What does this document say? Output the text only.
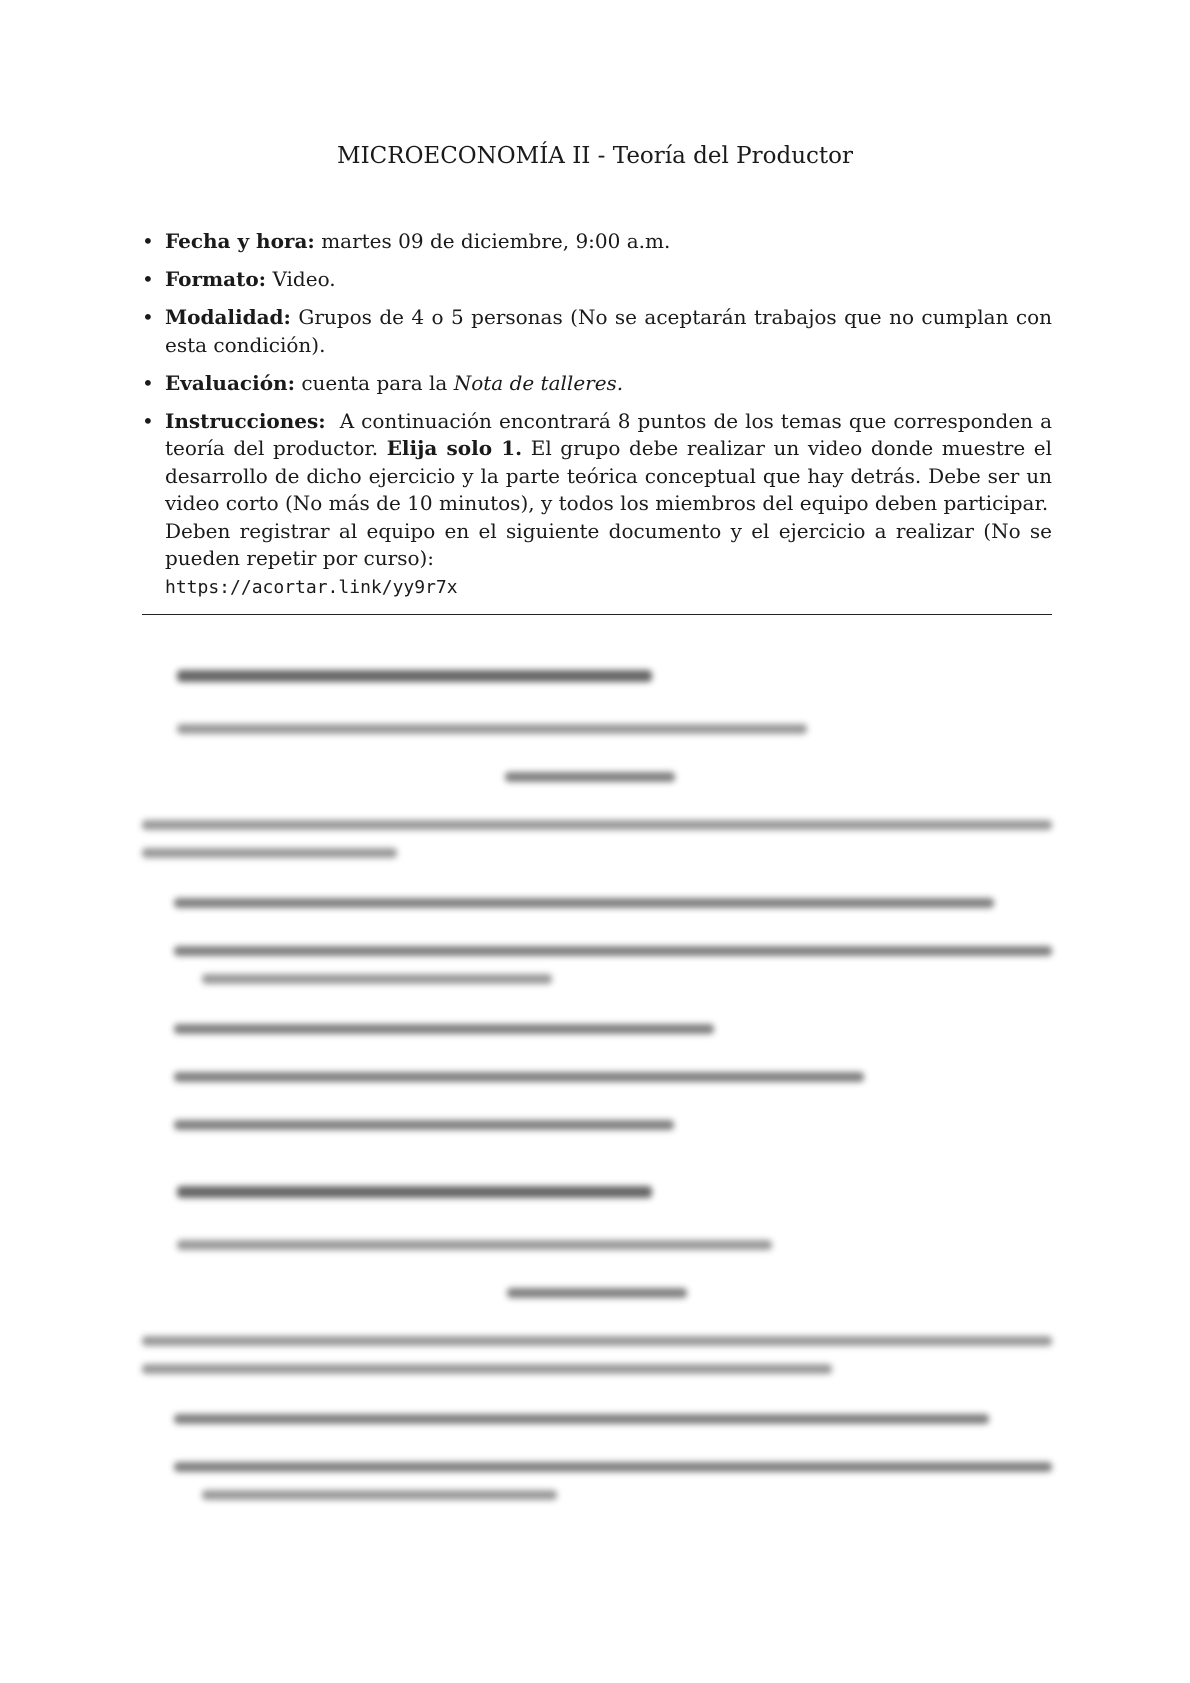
MICROECONOMÍA II - Teoría del Productor
• Fecha y hora: martes 09 de diciembre, 9:00 a.m.
• Formato: Video.
• Modalidad: Grupos de 4 o 5 personas (No se aceptarán trabajos que no cumplan con esta condición).
• Evaluación: cuenta para la Nota de talleres.
• Instrucciones: A continuación encontrará 8 puntos de los temas que corresponden a teoría del productor. Elija solo 1. El grupo debe realizar un video donde muestre el desarrollo de dicho ejercicio y la parte teórica conceptual que hay detrás. Debe ser un video corto (No más de 10 minutos), y todos los miembros del equipo deben participar.
Deben registrar al equipo en el siguiente documento y el ejercicio a realizar (No se pueden repetir por curso):
https://acortar.link/yy9r7x
